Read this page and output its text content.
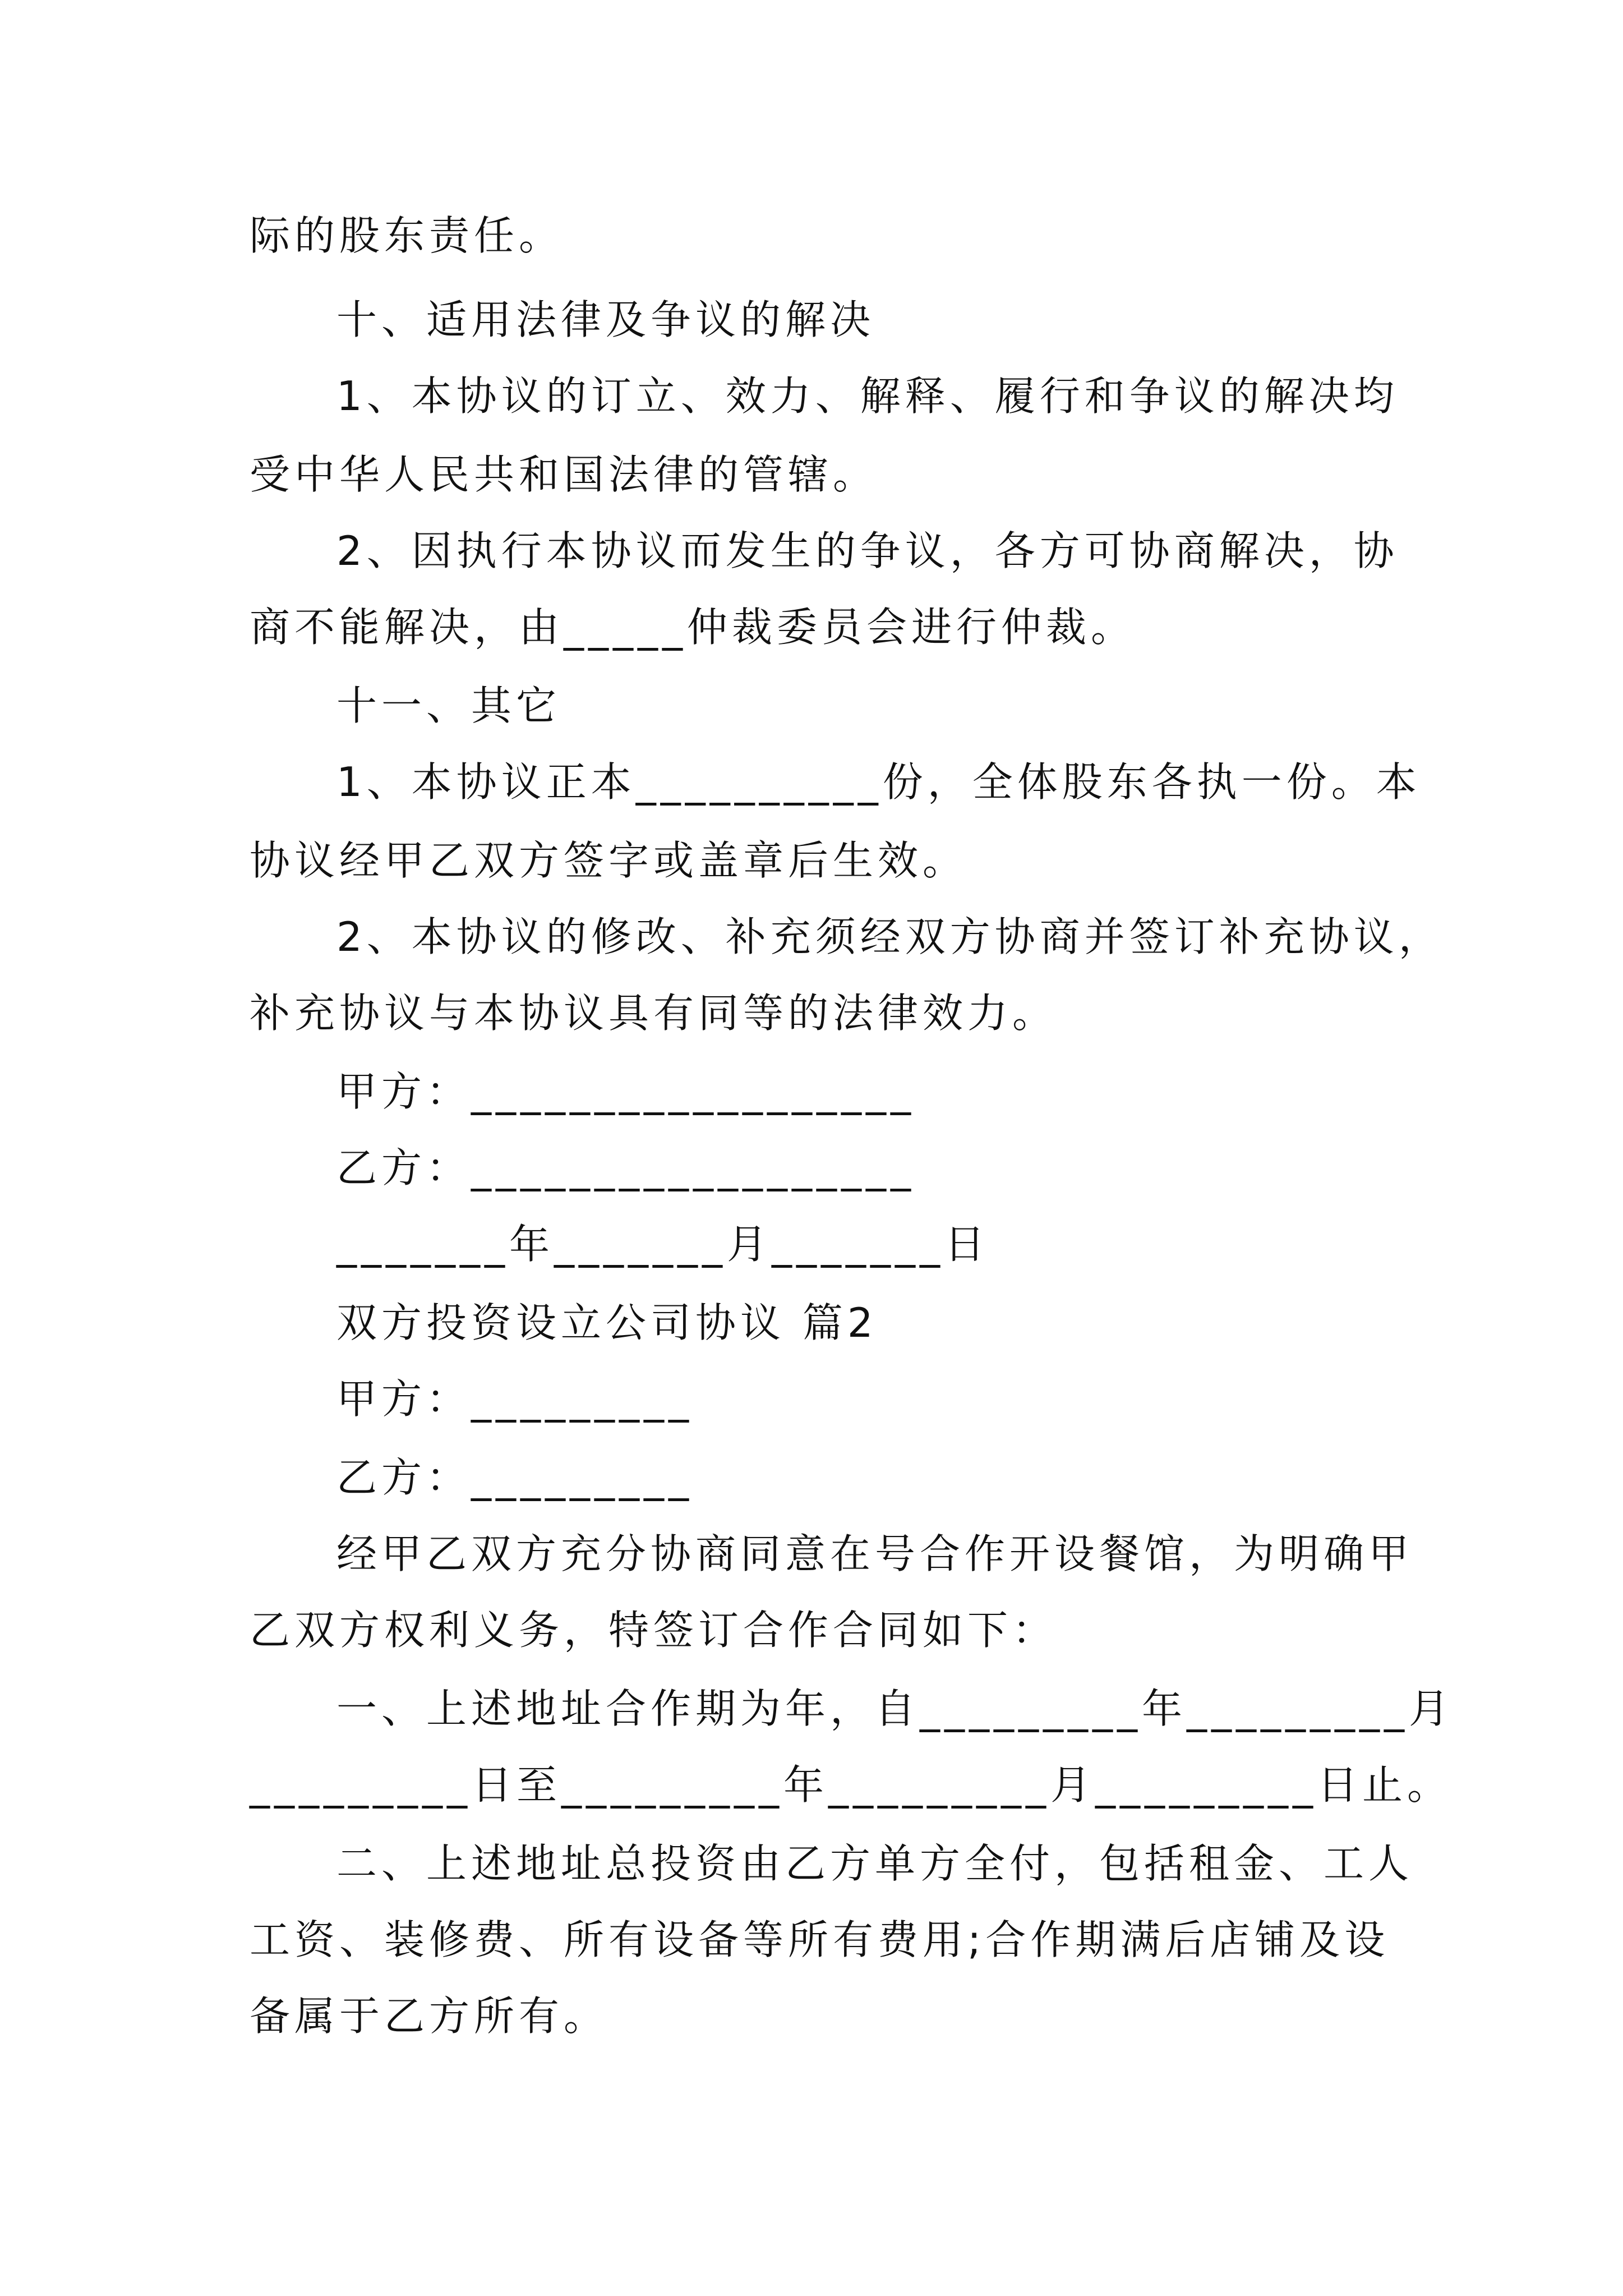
际的股东责任。
十、适用法律及争议的解决
1、本协议的订立、效力、解释、履行和争议的解决均
受中华人民共和国法律的管辖。
2、因执行本协议而发生的争议，各方可协商解决，协
商不能解决，由_____仲裁委员会进行仲裁。
十一、其它
1、本协议正本__________份，全体股东各执一份。本
协议经甲乙双方签字或盖章后生效。
2、本协议的修改、补充须经双方协商并签订补充协议，
补充协议与本协议具有同等的法律效力。
甲方：__________________
乙方：__________________
_______年_______月_______日
双方投资设立公司协议 篇2
甲方：_________
乙方：_________
经甲乙双方充分协商同意在号合作开设餐馆，为明确甲
乙双方权利义务，特签订合作合同如下：
一、上述地址合作期为年，自_________年_________月
_________日至_________年_________月_________日止。
二、上述地址总投资由乙方单方全付，包括租金、工人
工资、装修费、所有设备等所有费用;合作期满后店铺及设
备属于乙方所有。
